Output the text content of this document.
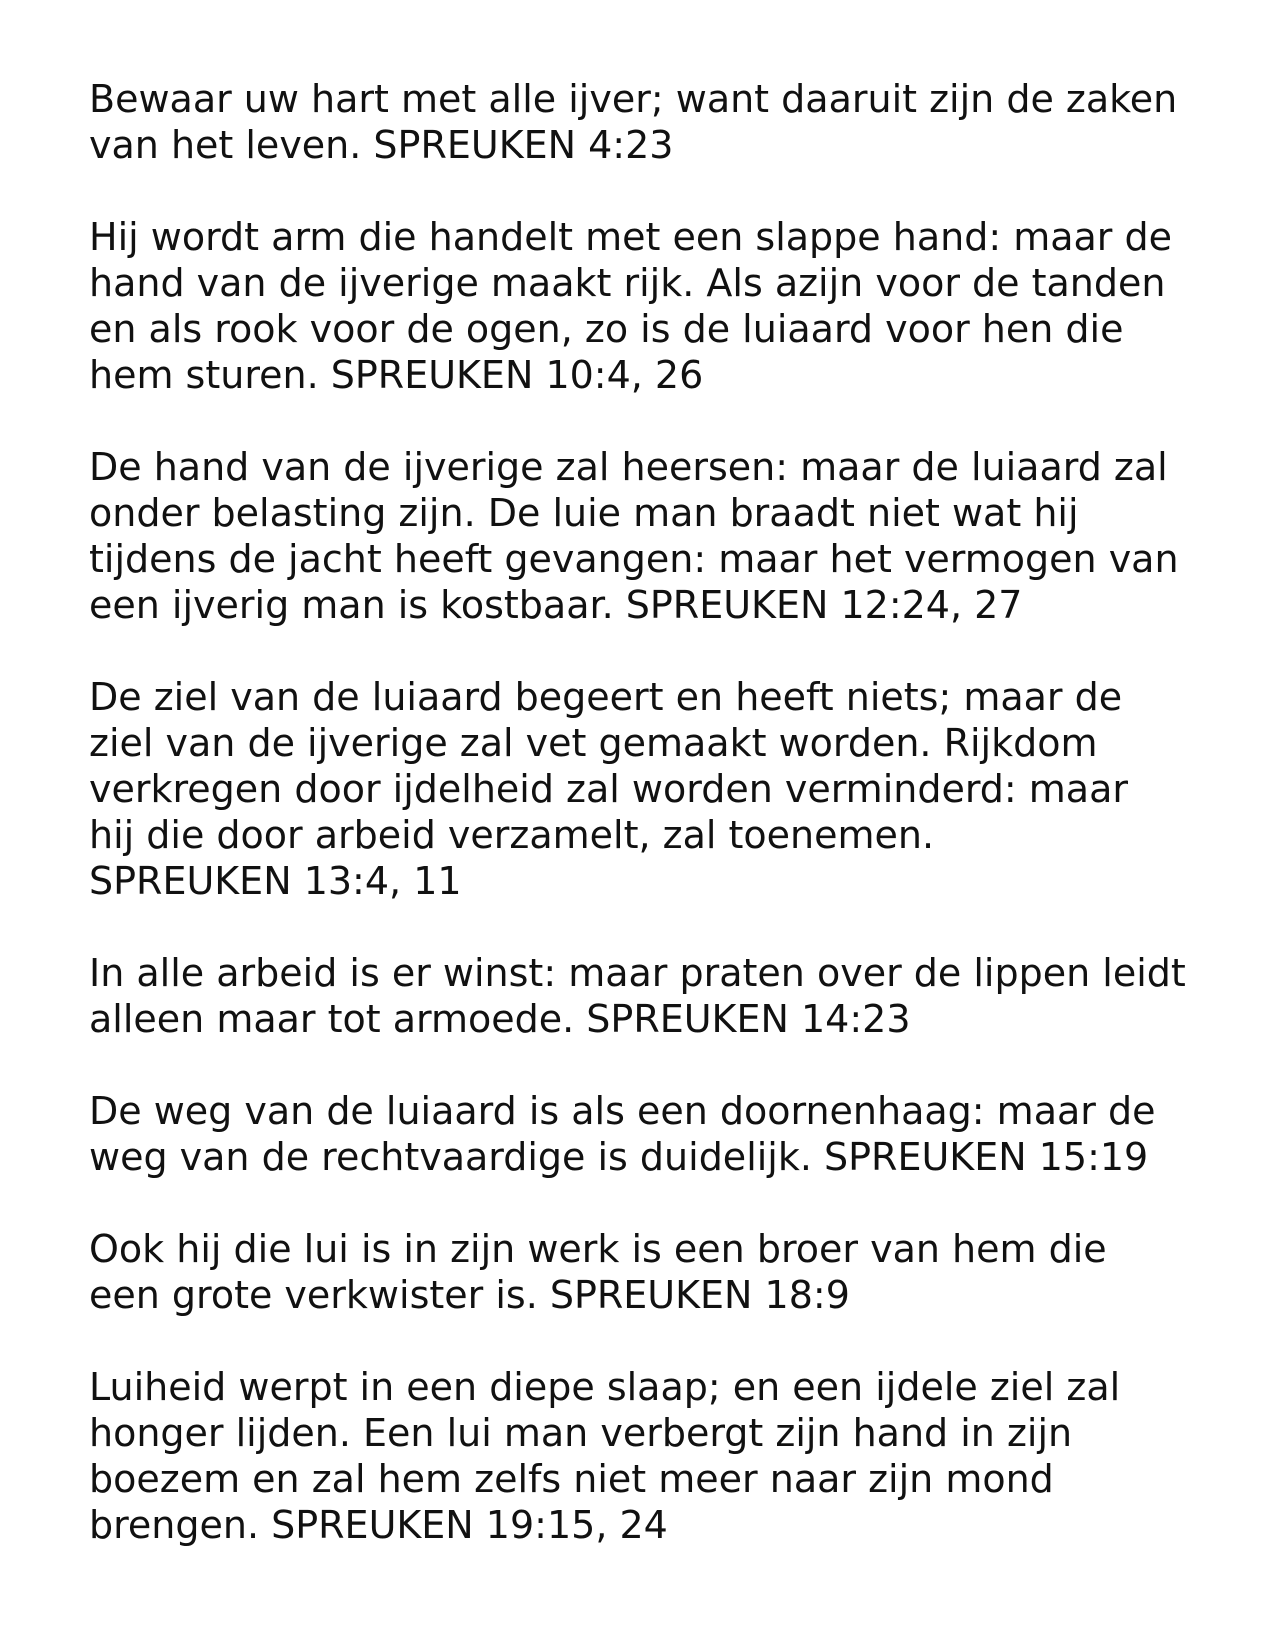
Bewaar uw hart met alle ijver; want daaruit zijn de zaken
van het leven. SPREUKEN 4:23

Hij wordt arm die handelt met een slappe hand: maar de
hand van de ijverige maakt rijk. Als azijn voor de tanden
en als rook voor de ogen, zo is de luiaard voor hen die
hem sturen. SPREUKEN 10:4, 26

De hand van de ijverige zal heersen: maar de luiaard zal
onder belasting zijn. De luie man braadt niet wat hij
tijdens de jacht heeft gevangen: maar het vermogen van
een ijverig man is kostbaar. SPREUKEN 12:24, 27

De ziel van de luiaard begeert en heeft niets; maar de
ziel van de ijverige zal vet gemaakt worden. Rijkdom
verkregen door ijdelheid zal worden verminderd: maar
hij die door arbeid verzamelt, zal toenemen.
SPREUKEN 13:4, 11

In alle arbeid is er winst: maar praten over de lippen leidt
alleen maar tot armoede. SPREUKEN 14:23

De weg van de luiaard is als een doornenhaag: maar de
weg van de rechtvaardige is duidelijk. SPREUKEN 15:19

Ook hij die lui is in zijn werk is een broer van hem die
een grote verkwister is. SPREUKEN 18:9

Luiheid werpt in een diepe slaap; en een ijdele ziel zal
honger lijden. Een lui man verbergt zijn hand in zijn
boezem en zal hem zelfs niet meer naar zijn mond
brengen. SPREUKEN 19:15, 24
